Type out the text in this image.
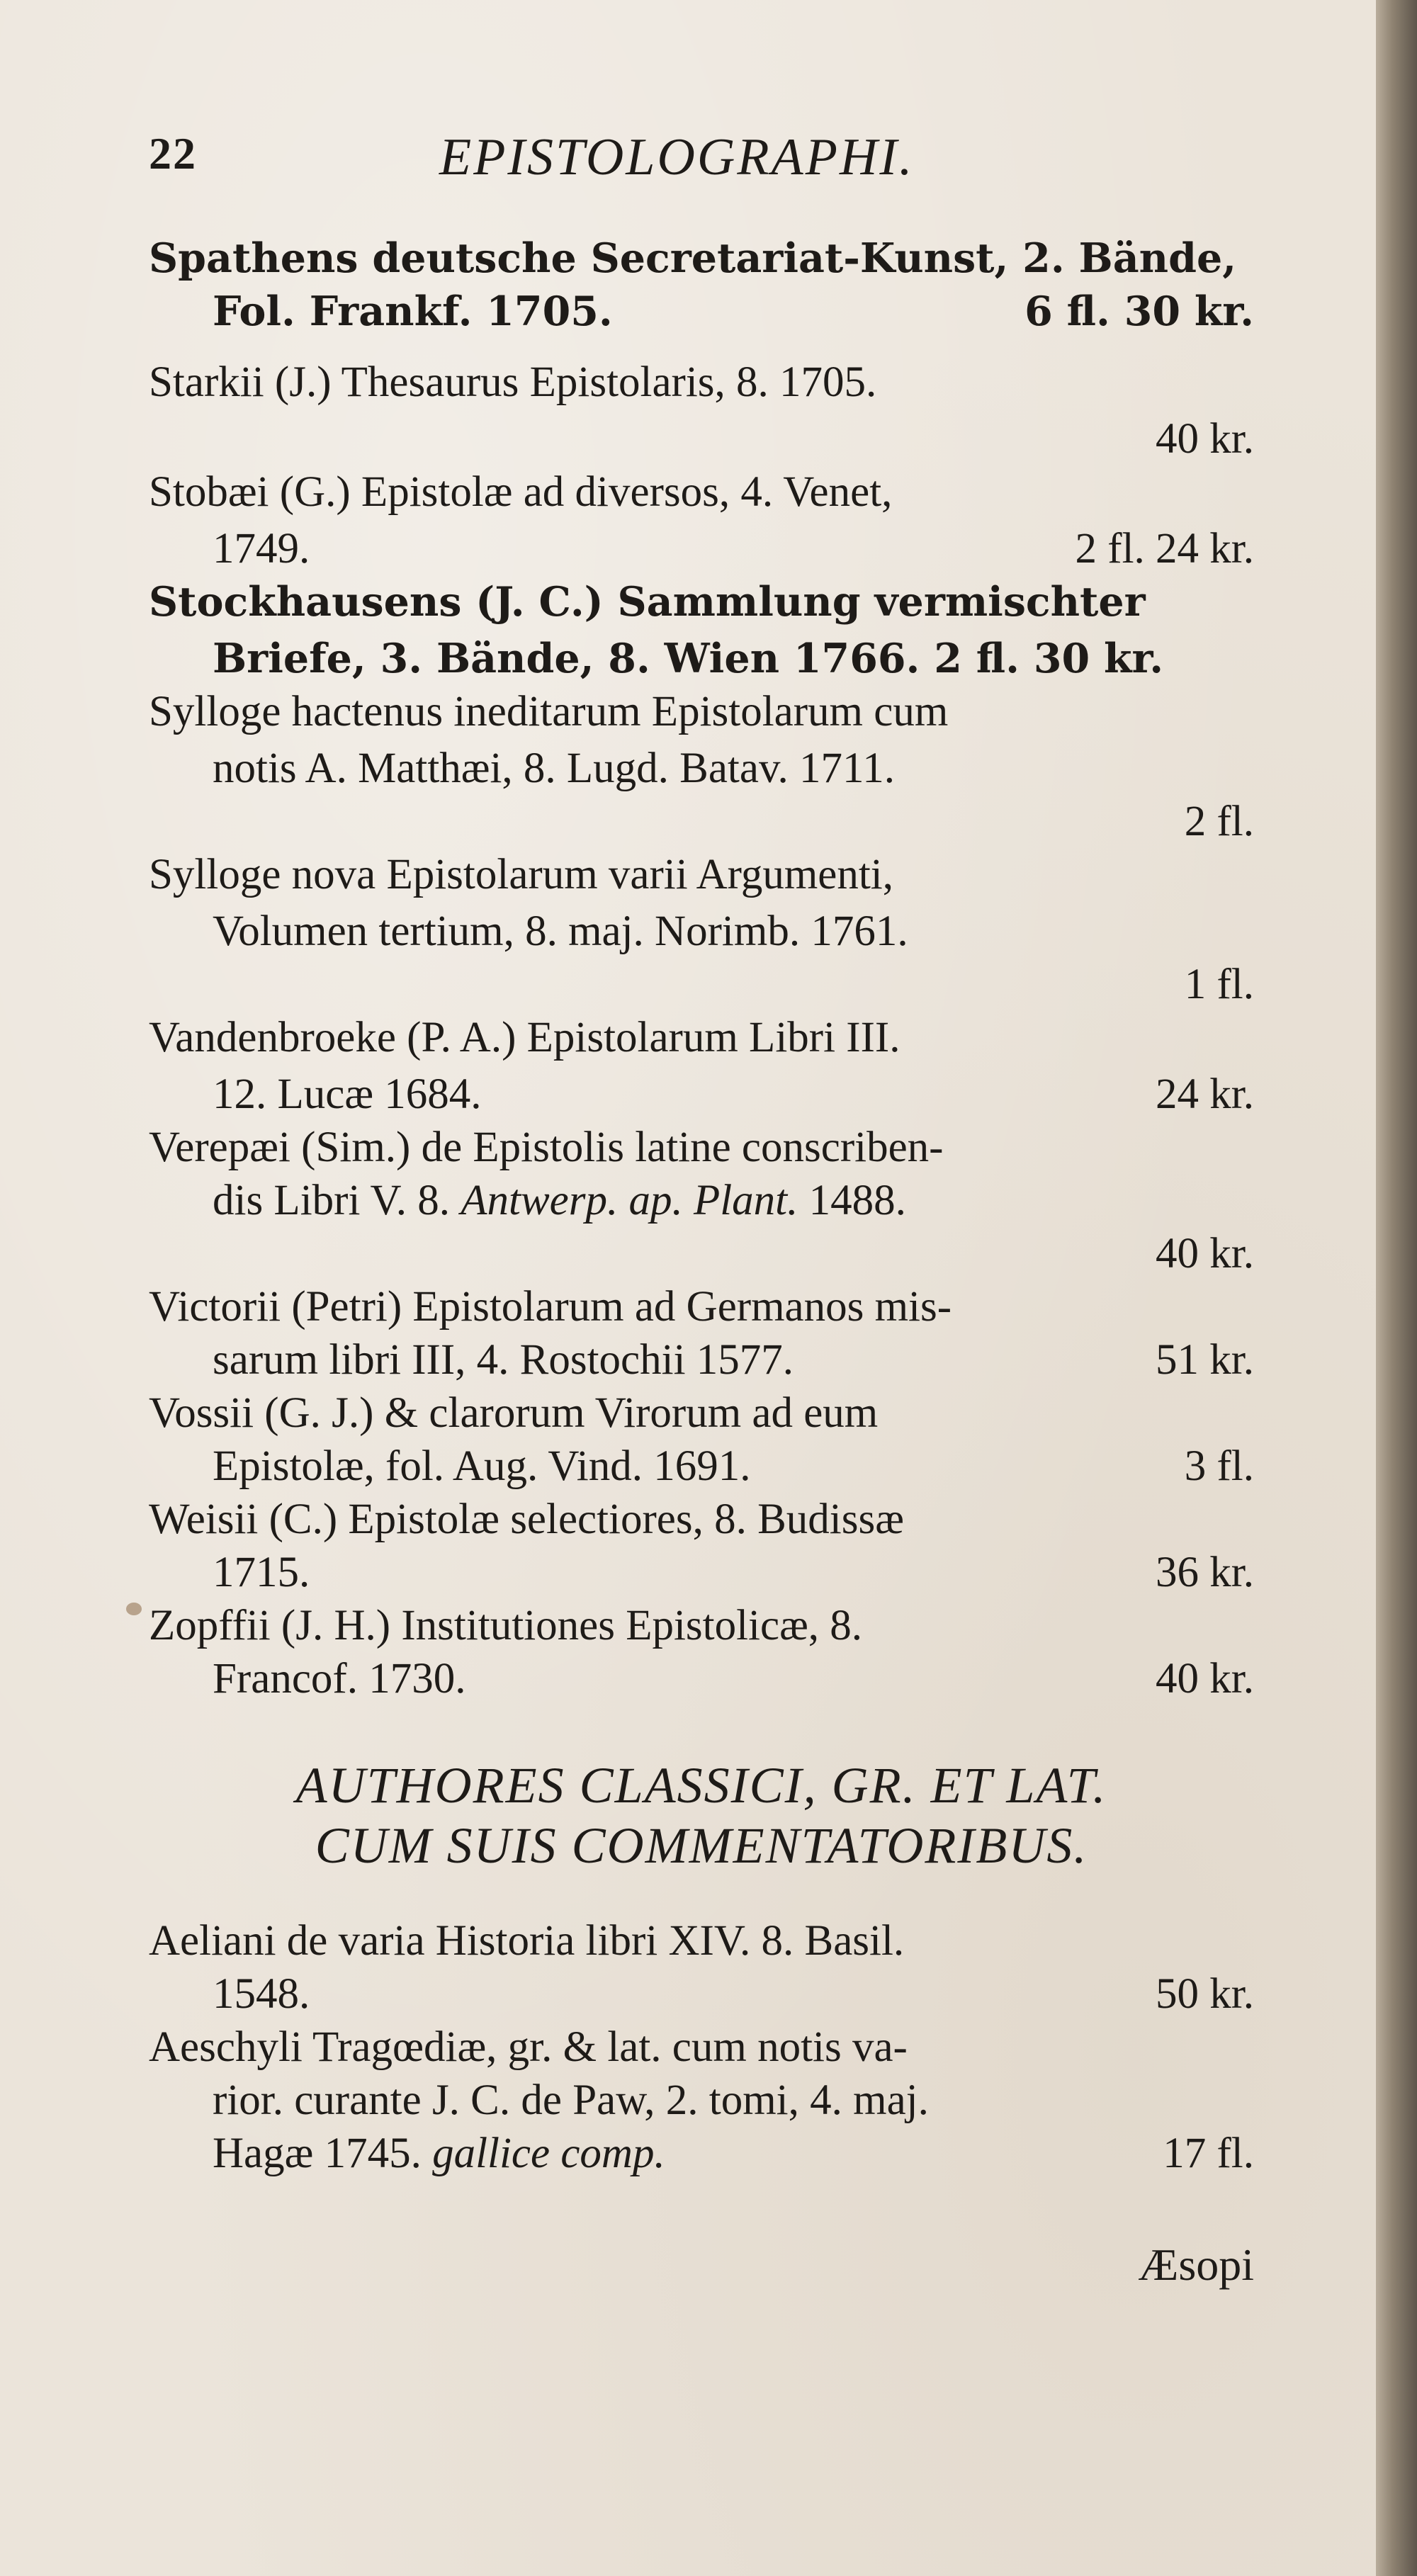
22	EPISTOLOGRAPHI.
Spathens deutsche Secretariat-Kunst, 2. Bände,
Fol. Frankf. 1705.	6 fl. 30 kr.
Starkii (J.) Thesaurus Epistolaris, 8. 1705.
40 kr.
Stobæi (G.) Epistolæ ad diversos, 4. Venet,
1749.	2 fl. 24 kr.
Stockhausens (J. C.) Sammlung vermischter
Briefe, 3. Bände, 8. Wien 1766. 2 fl. 30 kr.
Sylloge hactenus ineditarum Epistolarum cum
notis A. Matthæi, 8. Lugd. Batav. 1711.
2 fl.
Sylloge nova Epistolarum varii Argumenti,
Volumen tertium, 8. maj. Norimb. 1761.
1 fl.
Vandenbroeke (P. A.) Epistolarum Libri III.
12. Lucæ 1684.	24 kr.
Verepæi (Sim.) de Epistolis latine conscriben-
dis Libri V. 8. Antwerp. ap. Plant. 1488.
40 kr.
Victorii (Petri) Epistolarum ad Germanos mis-
sarum libri III, 4. Rostochii 1577.	51 kr.
Vossii (G. J.) & clarorum Virorum ad eum
Epistolæ, fol. Aug. Vind. 1691.	3 fl.
Weisii (C.) Epistolæ selectiores, 8. Budissæ
1715.	36 kr.
Zopffii (J. H.) Institutiones Epistolicæ, 8.
Francof. 1730.	40 kr.
AUTHORES CLASSICI, GR. ET LAT.
CUM SUIS COMMENTATORIBUS.
Aeliani de varia Historia libri XIV. 8. Basil.
1548.	50 kr.
Aeschyli Tragœdiæ, gr. & lat. cum notis va-
rior. curante J. C. de Paw, 2. tomi, 4. maj.
Hagæ 1745. gallice comp.	17 fl.
Æsopi
